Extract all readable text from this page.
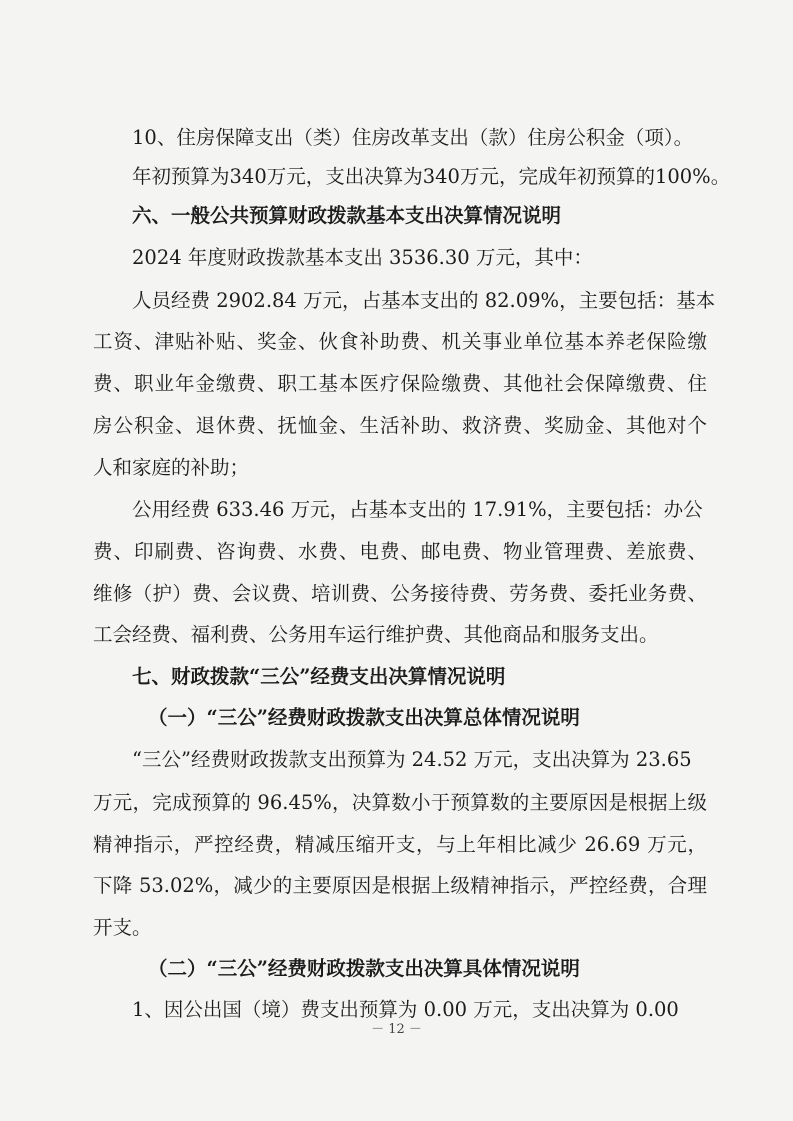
10、住房保障支出（类）住房改革支出（款）住房公积金（项）。
年初预算为340万元，支出决算为340万元，完成年初预算的100%。
六、一般公共预算财政拨款基本支出决算情况说明
2024 年度财政拨款基本支出 3536.30 万元，其中：
人员经费 2902.84 万元，占基本支出的 82.09%，主要包括：基本
工资、津贴补贴、奖金、伙食补助费、机关事业单位基本养老保险缴
费、职业年金缴费、职工基本医疗保险缴费、其他社会保障缴费、住
房公积金、退休费、抚恤金、生活补助、救济费、奖励金、其他对个
人和家庭的补助；
公用经费 633.46 万元，占基本支出的 17.91%，主要包括：办公
费、印刷费、咨询费、水费、电费、邮电费、物业管理费、差旅费、
维修（护）费、会议费、培训费、公务接待费、劳务费、委托业务费、
工会经费、福利费、公务用车运行维护费、其他商品和服务支出。
七、财政拨款“三公”经费支出决算情况说明
（一）“三公”经费财政拨款支出决算总体情况说明
“三公”经费财政拨款支出预算为 24.52 万元，支出决算为 23.65
万元，完成预算的 96.45%，决算数小于预算数的主要原因是根据上级
精神指示，严控经费，精减压缩开支，与上年相比减少 26.69 万元，
下降 53.02%，减少的主要原因是根据上级精神指示，严控经费，合理
开支。
（二）“三公”经费财政拨款支出决算具体情况说明
1、因公出国（境）费支出预算为 0.00 万元，支出决算为 0.00
－ 12 －
